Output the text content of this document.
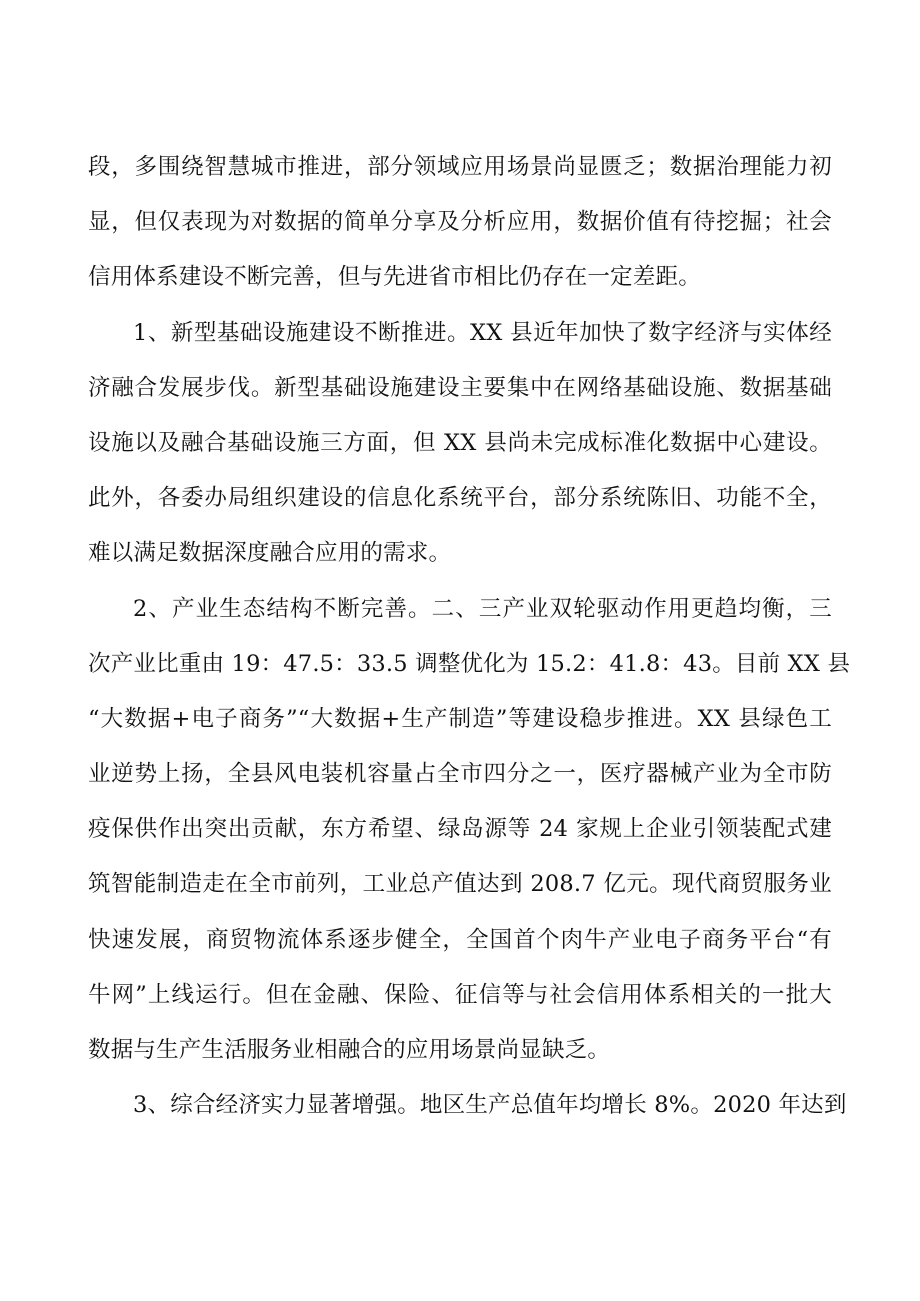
段，多围绕智慧城市推进，部分领域应用场景尚显匮乏；数据治理能力初
显，但仅表现为对数据的简单分享及分析应用，数据价值有待挖掘；社会
信用体系建设不断完善，但与先进省市相比仍存在一定差距。
1、新型基础设施建设不断推进。XX 县近年加快了数字经济与实体经
济融合发展步伐。新型基础设施建设主要集中在网络基础设施、数据基础
设施以及融合基础设施三方面，但 XX 县尚未完成标准化数据中心建设。
此外，各委办局组织建设的信息化系统平台，部分系统陈旧、功能不全，
难以满足数据深度融合应用的需求。
2、产业生态结构不断完善。二、三产业双轮驱动作用更趋均衡，三
次产业比重由 19：47.5：33.5 调整优化为 15.2：41.8：43。目前 XX 县
“大数据+电子商务”“大数据+生产制造”等建设稳步推进。XX 县绿色工
业逆势上扬，全县风电装机容量占全市四分之一，医疗器械产业为全市防
疫保供作出突出贡献，东方希望、绿岛源等 24 家规上企业引领装配式建
筑智能制造走在全市前列，工业总产值达到 208.7 亿元。现代商贸服务业
快速发展，商贸物流体系逐步健全，全国首个肉牛产业电子商务平台“有
牛网”上线运行。但在金融、保险、征信等与社会信用体系相关的一批大
数据与生产生活服务业相融合的应用场景尚显缺乏。
3、综合经济实力显著增强。地区生产总值年均增长 8%。2020 年达到
